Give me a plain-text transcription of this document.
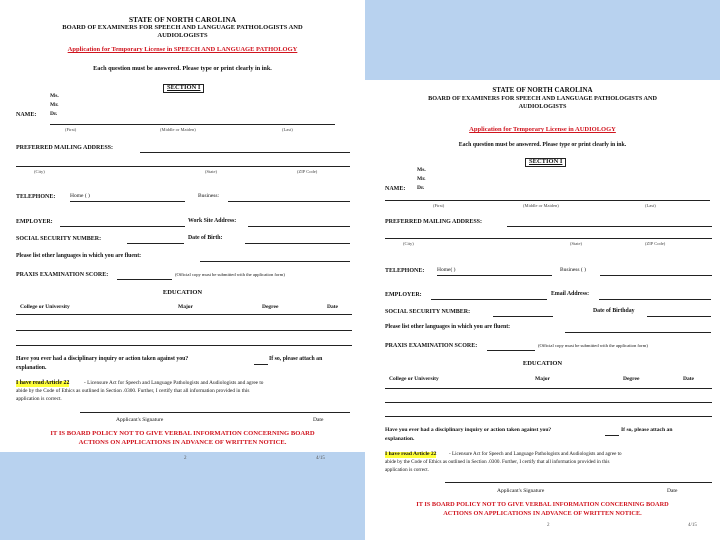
STATE OF NORTH CAROLINA
BOARD OF EXAMINERS FOR SPEECH AND LANGUAGE PATHOLOGISTS AND
AUDIOLOGISTS
Application for Temporary License in SPEECH AND LANGUAGE PATHOLOGY
Each question must be answered. Please type or print clearly in ink.
SECTION I
Ms.
Mr.
NAME: Dr.
(First)	(Middle or Maiden)	(Last)
PREFERRED MAILING ADDRESS:
(City)	(State)	(ZIP Code)
TELEPHONE:	Home ( )	Business:
EMPLOYER:	Work Site Address:
SOCIAL SECURITY NUMBER:	Date of Birth:
Please list other languages in which you are fluent:
PRAXIS EXAMINATION SCORE:	(Official copy must be submitted with the application form)
EDUCATION
College or University	Major	Degree	Date
Have you ever had a disciplinary inquiry or action taken against you?	If so, please attach an
explanation.
I have read Article 22	- Licensure Act for Speech and Language Pathologists and Audiologists and agree to
abide by the Code of Ethics as outlined in Section .0300. Further, I certify that all information provided in this
application is correct.
Applicant's Signature	Date
IT IS BOARD POLICY NOT TO GIVE VERBAL INFORMATION CONCERNING BOARD
ACTIONS ON APPLICATIONS IN ADVANCE OF WRITTEN NOTICE.
2	4/15
STATE OF NORTH CAROLINA
BOARD OF EXAMINERS FOR SPEECH AND LANGUAGE PATHOLOGISTS AND
AUDIOLOGISTS
Application for Temporary License in AUDIOLOGY
Each question must be answered. Please type or print clearly in ink.
SECTION I
Ms.
Mr.
NAME: Dr.
(First)	(Middle or Maiden)	(Last)
PREFERRED MAILING ADDRESS:
(City)	(State)	(ZIP Code)
TELEPHONE: Home( )	Business ( )
EMPLOYER:	Email Address:
SOCIAL SECURITY NUMBER:	Date of Birthday
Please list other languages in which you are fluent:
PRAXIS EXAMINATION SCORE:	(Official copy must be submitted with the application form)
EDUCATION
College or University	Major	Degree	Date
Have you ever had a disciplinary inquiry or action taken against you?	If so, please attach an
explanation.
I have read Article 22 - Licensure Act for Speech and Language Pathologists and Audiologists and agree to
abide by the Code of Ethics as outlined in Section .0300. Further, I certify that all information provided in this
application is correct.
Applicant's Signature	Date
IT IS BOARD POLICY NOT TO GIVE VERBAL INFORMATION CONCERNING BOARD
ACTIONS ON APPLICATIONS IN ADVANCE OF WRITTEN NOTICE.
2	4/15
